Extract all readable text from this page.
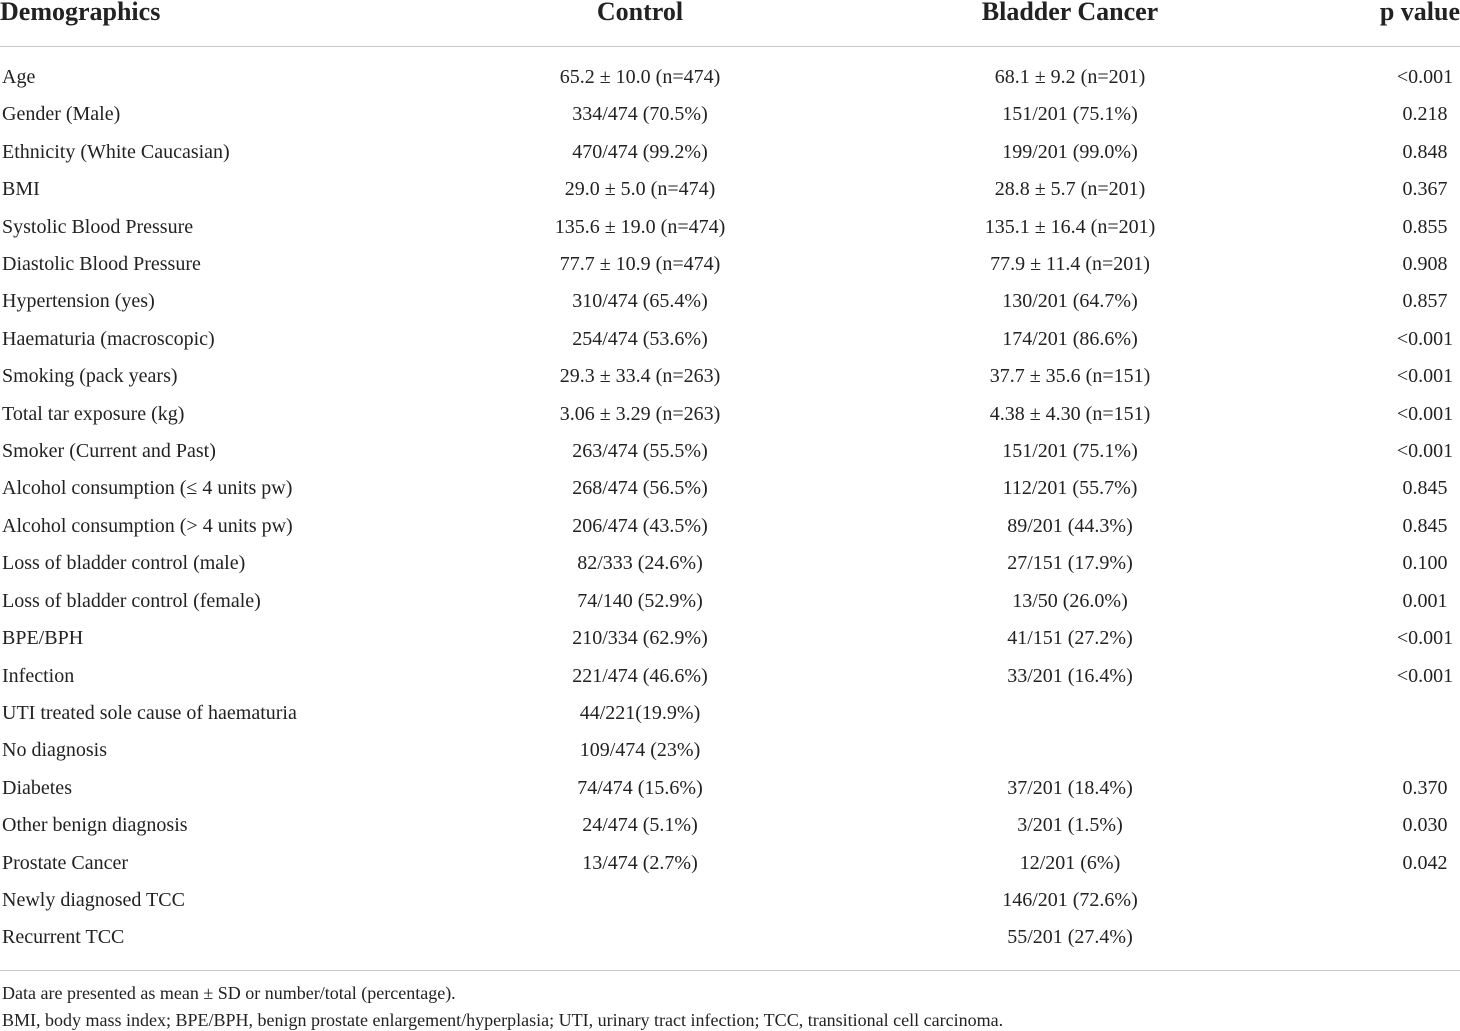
Demographics	Control	Bladder Cancer	p value
Age	65.2 ± 10.0 (n=474)	68.1 ± 9.2 (n=201)	<0.001
Gender (Male)	334/474 (70.5%)	151/201 (75.1%)	0.218
Ethnicity (White Caucasian)	470/474 (99.2%)	199/201 (99.0%)	0.848
BMI	29.0 ± 5.0 (n=474)	28.8 ± 5.7 (n=201)	0.367
Systolic Blood Pressure	135.6 ± 19.0 (n=474)	135.1 ± 16.4 (n=201)	0.855
Diastolic Blood Pressure	77.7 ± 10.9 (n=474)	77.9 ± 11.4 (n=201)	0.908
Hypertension (yes)	310/474 (65.4%)	130/201 (64.7%)	0.857
Haematuria (macroscopic)	254/474 (53.6%)	174/201 (86.6%)	<0.001
Smoking (pack years)	29.3 ± 33.4 (n=263)	37.7 ± 35.6 (n=151)	<0.001
Total tar exposure (kg)	3.06 ± 3.29 (n=263)	4.38 ± 4.30 (n=151)	<0.001
Smoker (Current and Past)	263/474 (55.5%)	151/201 (75.1%)	<0.001
Alcohol consumption (≤ 4 units pw)	268/474 (56.5%)	112/201 (55.7%)	0.845
Alcohol consumption (> 4 units pw)	206/474 (43.5%)	89/201 (44.3%)	0.845
Loss of bladder control (male)	82/333 (24.6%)	27/151 (17.9%)	0.100
Loss of bladder control (female)	74/140 (52.9%)	13/50 (26.0%)	0.001
BPE/BPH	210/334 (62.9%)	41/151 (27.2%)	<0.001
Infection	221/474 (46.6%)	33/201 (16.4%)	<0.001
UTI treated sole cause of haematuria	44/221(19.9%)		
No diagnosis	109/474 (23%)		
Diabetes	74/474 (15.6%)	37/201 (18.4%)	0.370
Other benign diagnosis	24/474 (5.1%)	3/201 (1.5%)	0.030
Prostate Cancer	13/474 (2.7%)	12/201 (6%)	0.042
Newly diagnosed TCC		146/201 (72.6%)	
Recurrent TCC		55/201 (27.4%)	
Data are presented as mean ± SD or number/total (percentage).
BMI, body mass index; BPE/BPH, benign prostate enlargement/hyperplasia; UTI, urinary tract infection; TCC, transitional cell carcinoma.
